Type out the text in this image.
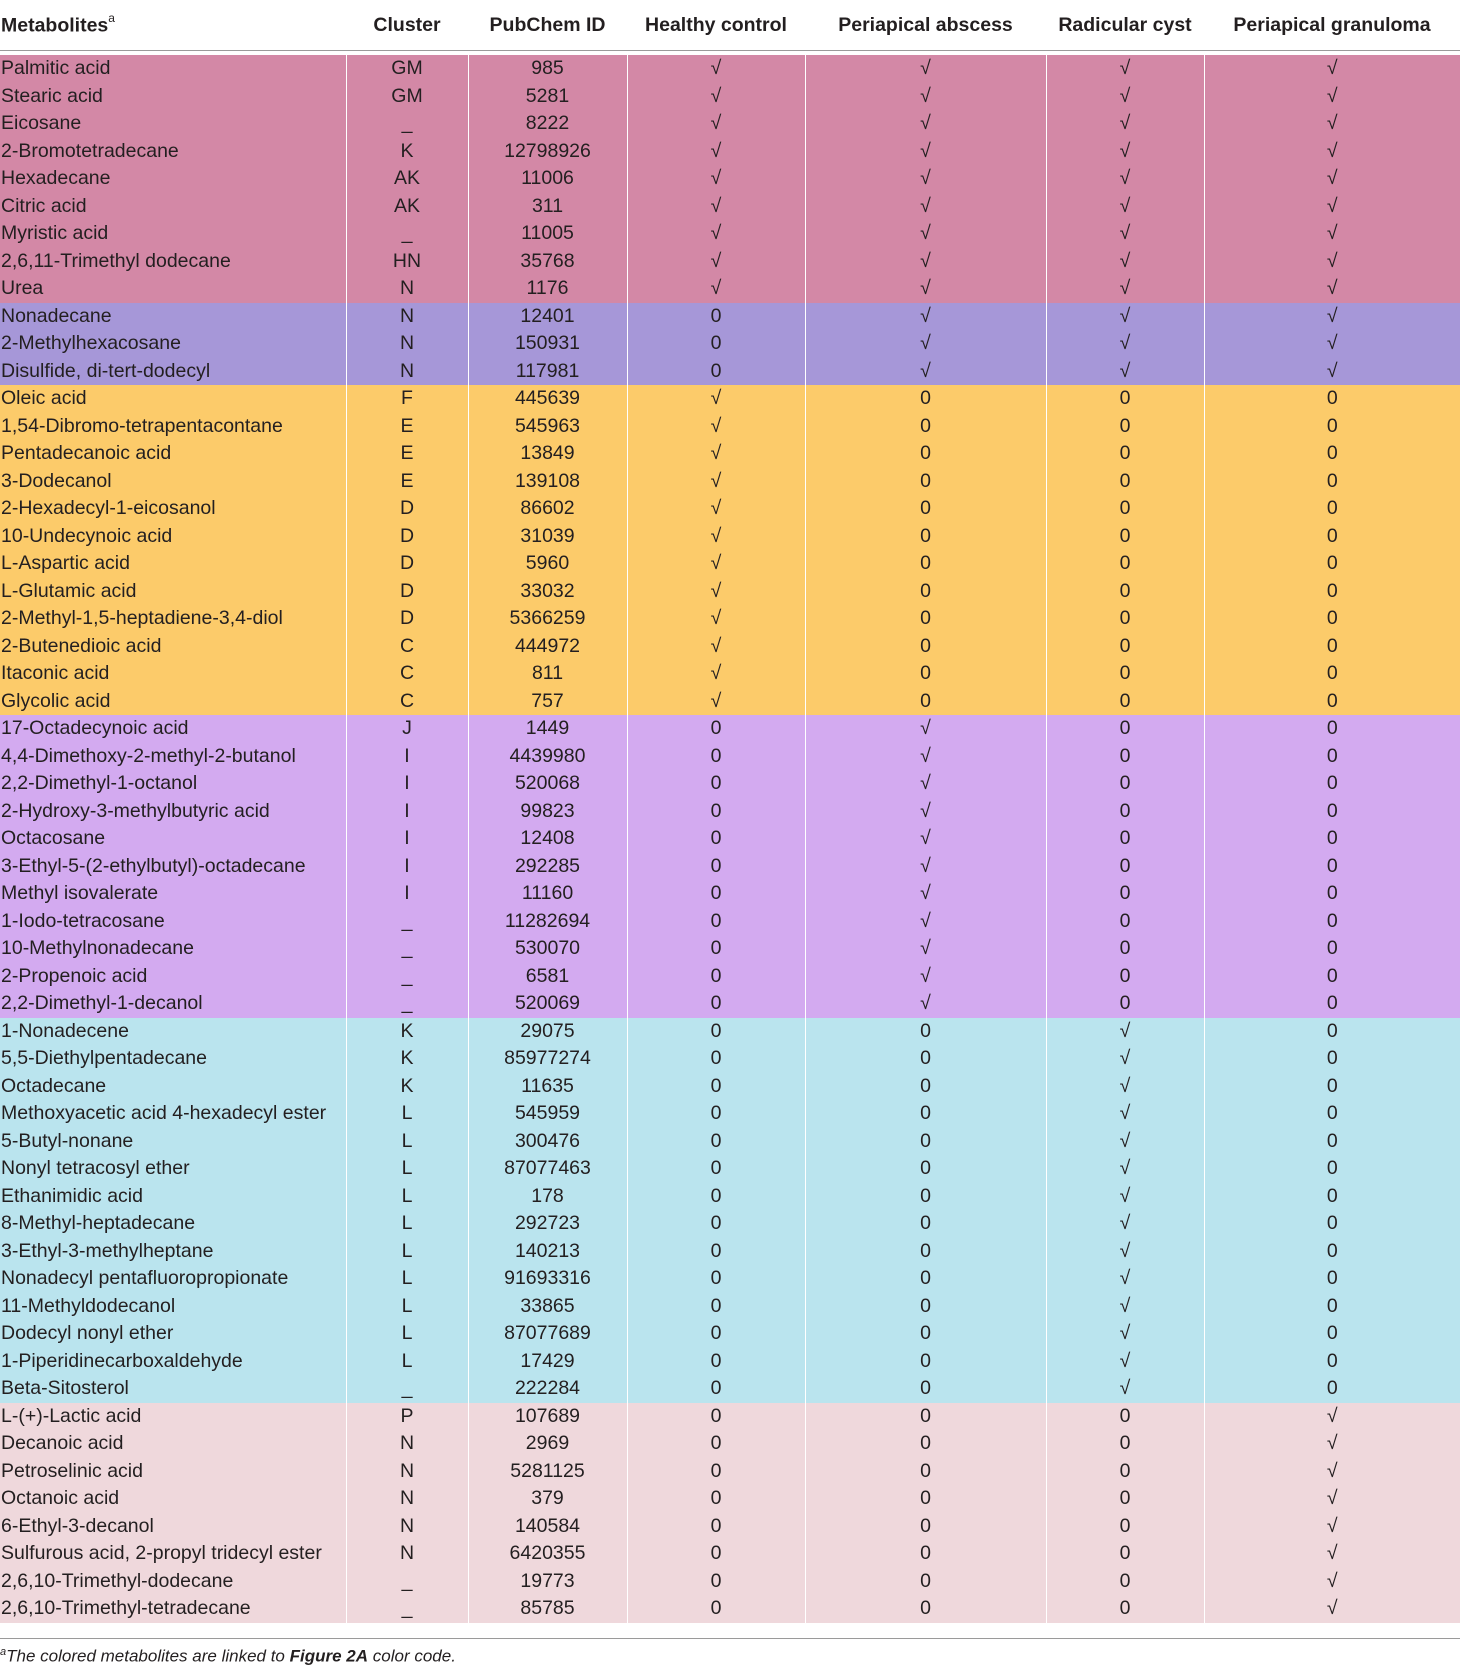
Metabolites$^a$	Cluster	PubChem ID	Healthy control	Periapical abscess	Radicular cyst	Periapical granuloma

Palmitic acid	GM	985	√	√	√	√
Stearic acid	GM	5281	√	√	√	√
Eicosane	_	8222	√	√	√	√
2-Bromotetradecane	K	12798926	√	√	√	√
Hexadecane	AK	11006	√	√	√	√
Citric acid	AK	311	√	√	√	√
Myristic acid	_	11005	√	√	√	√
2,6,11-Trimethyl dodecane	HN	35768	√	√	√	√
Urea	N	1176	√	√	√	√
Nonadecane	N	12401	0	√	√	√
2-Methylhexacosane	N	150931	0	√	√	√
Disulfide, di-tert-dodecyl	N	117981	0	√	√	√
Oleic acid	F	445639	√	0	0	0
1,54-Dibromo-tetrapentacontane	E	545963	√	0	0	0
Pentadecanoic acid	E	13849	√	0	0	0
3-Dodecanol	E	139108	√	0	0	0
2-Hexadecyl-1-eicosanol	D	86602	√	0	0	0
10-Undecynoic acid	D	31039	√	0	0	0
L-Aspartic acid	D	5960	√	0	0	0
L-Glutamic acid	D	33032	√	0	0	0
2-Methyl-1,5-heptadiene-3,4-diol	D	5366259	√	0	0	0
2-Butenedioic acid	C	444972	√	0	0	0
Itaconic acid	C	811	√	0	0	0
Glycolic acid	C	757	√	0	0	0
17-Octadecynoic acid	J	1449	0	√	0	0
4,4-Dimethoxy-2-methyl-2-butanol	I	4439980	0	√	0	0
2,2-Dimethyl-1-octanol	I	520068	0	√	0	0
2-Hydroxy-3-methylbutyric acid	I	99823	0	√	0	0
Octacosane	I	12408	0	√	0	0
3-Ethyl-5-(2-ethylbutyl)-octadecane	I	292285	0	√	0	0
Methyl isovalerate	I	11160	0	√	0	0
1-Iodo-tetracosane	_	11282694	0	√	0	0
10-Methylnonadecane	_	530070	0	√	0	0
2-Propenoic acid	_	6581	0	√	0	0
2,2-Dimethyl-1-decanol	_	520069	0	√	0	0
1-Nonadecene	K	29075	0	0	√	0
5,5-Diethylpentadecane	K	85977274	0	0	√	0
Octadecane	K	11635	0	0	√	0
Methoxyacetic acid 4-hexadecyl ester	L	545959	0	0	√	0
5-Butyl-nonane	L	300476	0	0	√	0
Nonyl tetracosyl ether	L	87077463	0	0	√	0
Ethanimidic acid	L	178	0	0	√	0
8-Methyl-heptadecane	L	292723	0	0	√	0
3-Ethyl-3-methylheptane	L	140213	0	0	√	0
Nonadecyl pentafluoropropionate	L	91693316	0	0	√	0
11-Methyldodecanol	L	33865	0	0	√	0
Dodecyl nonyl ether	L	87077689	0	0	√	0
1-Piperidinecarboxaldehyde	L	17429	0	0	√	0
Beta-Sitosterol	_	222284	0	0	√	0
L-(+)-Lactic acid	P	107689	0	0	0	√
Decanoic acid	N	2969	0	0	0	√
Petroselinic acid	N	5281125	0	0	0	√
Octanoic acid	N	379	0	0	0	√
6-Ethyl-3-decanol	N	140584	0	0	0	√
Sulfurous acid, 2-propyl tridecyl ester	N	6420355	0	0	0	√
2,6,10-Trimethyl-dodecane	_	19773	0	0	0	√
2,6,10-Trimethyl-tetradecane	_	85785	0	0	0	√
$^a$The colored metabolites are linked to Figure 2A color code.
